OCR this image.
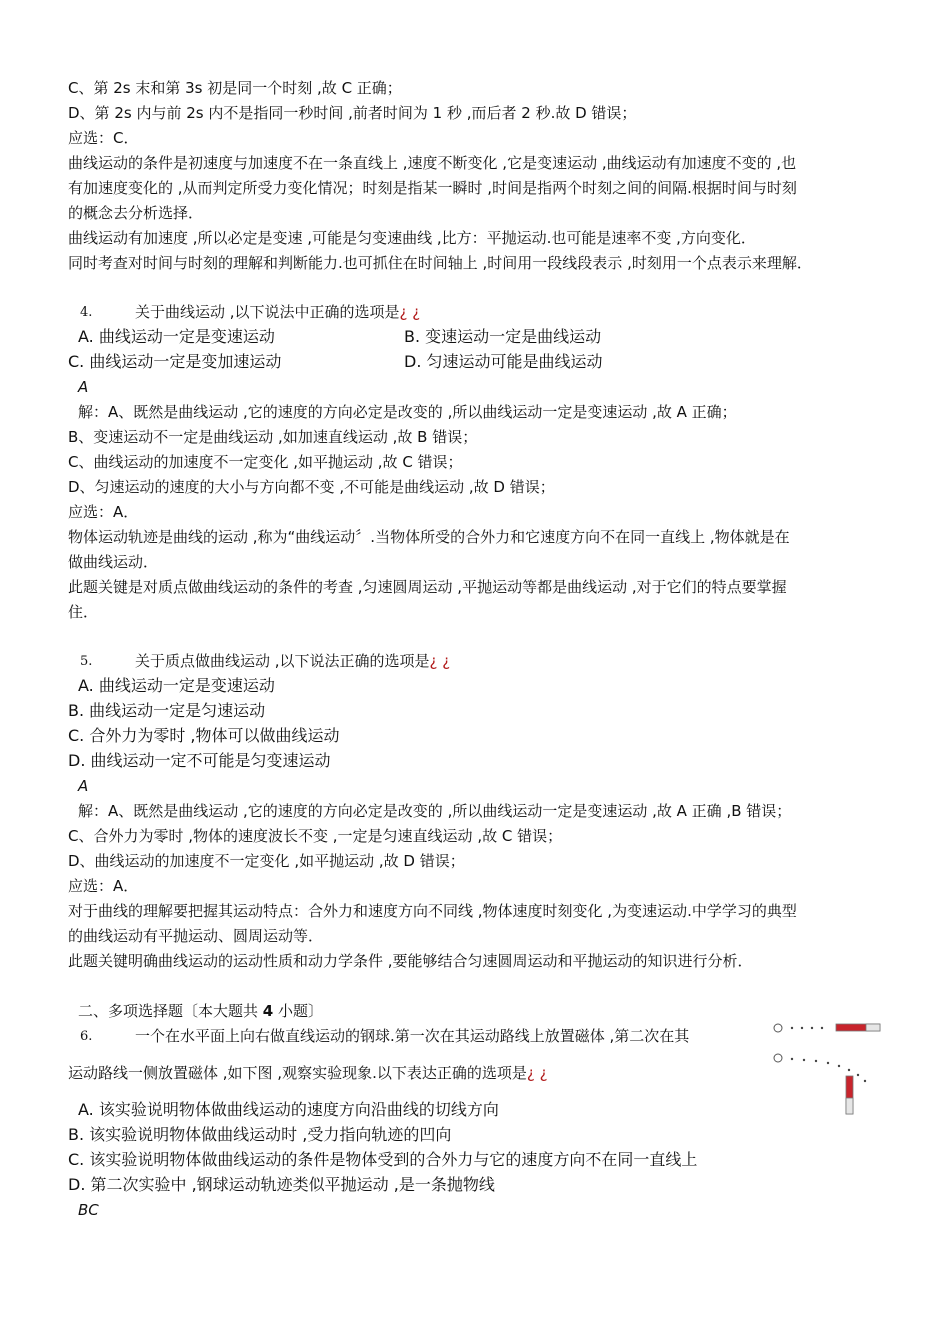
C、第 2s 末和第 3s 初是同一个时刻 ,故 C 正确；
D、第 2s 内与前 2s 内不是指同一秒时间 ,前者时间为 1 秒 ,而后者 2 秒.故 D 错误；
应选：C．
曲线运动的条件是初速度与加速度不在一条直线上 ,速度不断变化 ,它是变速运动 ,曲线运动有加速度不变的 ,也
有加速度变化的 ,从而判定所受力变化情况；时刻是指某一瞬时 ,时间是指两个时刻之间的间隔.根据时间与时刻
的概念去分析选择．
曲线运动有加速度 ,所以必定是变速 ,可能是匀变速曲线 ,比方：平抛运动.也可能是速率不变 ,方向变化．
同时考查对时间与时刻的理解和判断能力.也可抓住在时间轴上 ,时间用一段线段表示 ,时刻用一个点表示来理解．
4.	关于曲线运动 ,以下说法中正确的选项是¿ ¿
A. 曲线运动一定是变速运动	B. 变速运动一定是曲线运动
C. 曲线运动一定是变加速运动	D. 匀速运动可能是曲线运动
A
解：A、既然是曲线运动 ,它的速度的方向必定是改变的 ,所以曲线运动一定是变速运动 ,故 A 正确；
B、变速运动不一定是曲线运动 ,如加速直线运动 ,故 B 错误；
C、曲线运动的加速度不一定变化 ,如平抛运动 ,故 C 错误；
D、匀速运动的速度的大小与方向都不变 ,不可能是曲线运动 ,故 D 错误；
应选：A．
物体运动轨迹是曲线的运动 ,称为“曲线运动〞.当物体所受的合外力和它速度方向不在同一直线上 ,物体就是在
做曲线运动．
此题关键是对质点做曲线运动的条件的考查 ,匀速圆周运动 ,平抛运动等都是曲线运动 ,对于它们的特点要掌握
住．
5.	关于质点做曲线运动 ,以下说法正确的选项是¿ ¿
A. 曲线运动一定是变速运动
B. 曲线运动一定是匀速运动
C. 合外力为零时 ,物体可以做曲线运动
D. 曲线运动一定不可能是匀变速运动
A
解：A、既然是曲线运动 ,它的速度的方向必定是改变的 ,所以曲线运动一定是变速运动 ,故 A 正确 ,B 错误；
C、合外力为零时 ,物体的速度波长不变 ,一定是匀速直线运动 ,故 C 错误；
D、曲线运动的加速度不一定变化 ,如平抛运动 ,故 D 错误；
应选：A．
对于曲线的理解要把握其运动特点：合外力和速度方向不同线 ,物体速度时刻变化 ,为变速运动.中学学习的典型
的曲线运动有平抛运动、圆周运动等．
此题关键明确曲线运动的运动性质和动力学条件 ,要能够结合匀速圆周运动和平抛运动的知识进行分析．
二、多项选择题〔本大题共 4 小题〕
6.	一个在水平面上向右做直线运动的钢球.第一次在其运动路线上放置磁体 ,第二次在其
运动路线一侧放置磁体 ,如下图 ,观察实验现象.以下表达正确的选项是¿ ¿
A. 该实验说明物体做曲线运动的速度方向沿曲线的切线方向
B. 该实验说明物体做曲线运动时 ,受力指向轨迹的凹向
C. 该实验说明物体做曲线运动的条件是物体受到的合外力与它的速度方向不在同一直线上
D. 第二次实验中 ,钢球运动轨迹类似平抛运动 ,是一条抛物线
BC
